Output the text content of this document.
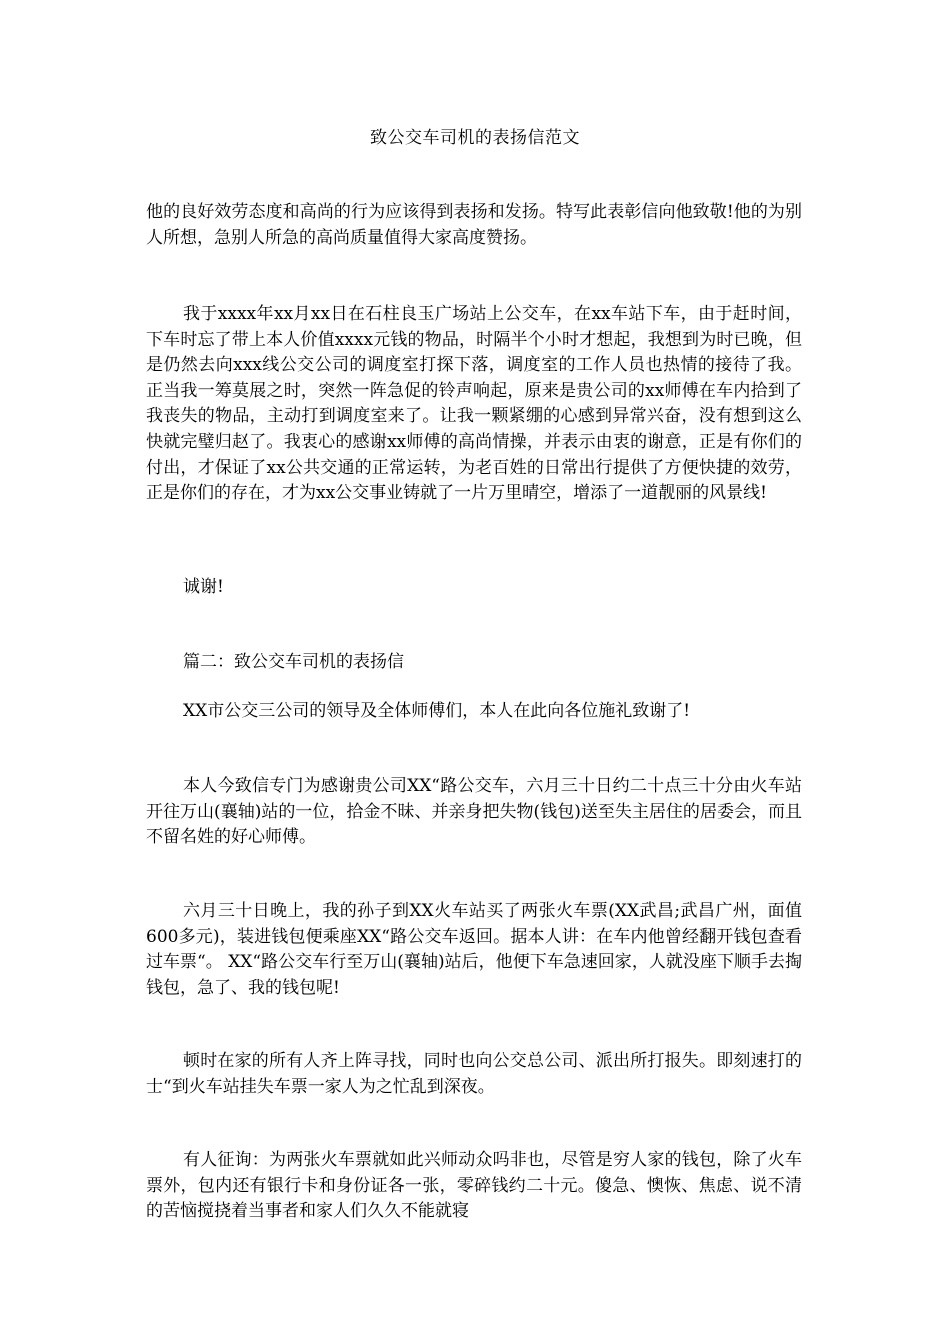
致公交车司机的表扬信范文

他的良好效劳态度和高尚的行为应该得到表扬和发扬。特写此表彰信向他致敬!他的为别人所想，急别人所急的高尚质量值得大家高度赞扬。

我于xxxx年xx月xx日在石柱良玉广场站上公交车，在xx车站下车，由于赶时间，下车时忘了带上本人价值xxxx元钱的物品，时隔半个小时才想起，我想到为时已晚，但是仍然去向xxx线公交公司的调度室打探下落，调度室的工作人员也热情的接待了我。正当我一筹莫展之时，突然一阵急促的铃声响起，原来是贵公司的xx师傅在车内拾到了我丧失的物品，主动打到调度室来了。让我一颗紧绷的心感到异常兴奋，没有想到这么快就完璧归赵了。我衷心的感谢xx师傅的高尚情操，并表示由衷的谢意，正是有你们的付出，才保证了xx公共交通的正常运转，为老百姓的日常出行提供了方便快捷的效劳，正是你们的存在，才为xx公交事业铸就了一片万里晴空，增添了一道靓丽的风景线!

诚谢!

篇二：致公交车司机的表扬信

XX市公交三公司的领导及全体师傅们，本人在此向各位施礼致谢了!

本人今致信专门为感谢贵公司XX“路公交车，六月三十日约二十点三十分由火车站开往万山(襄轴)站的一位，拾金不昧、并亲身把失物(钱包)送至失主居住的居委会，而且不留名姓的好心师傅。

六月三十日晚上，我的孙子到XX火车站买了两张火车票(XX武昌;武昌广州，面值600多元)，装进钱包便乘座XX“路公交车返回。据本人讲：在车内他曾经翻开钱包查看过车票“。 XX“路公交车行至万山(襄轴)站后，他便下车急速回家，人就没座下顺手去掏钱包，急了、我的钱包呢!

顿时在家的所有人齐上阵寻找，同时也向公交总公司、派出所打报失。即刻速打的士“到火车站挂失车票一家人为之忙乱到深夜。

有人征询：为两张火车票就如此兴师动众吗非也，尽管是穷人家的钱包，除了火车票外，包内还有银行卡和身份证各一张，零碎钱约二十元。傻急、懊恢、焦虑、说不清的苦恼搅挠着当事者和家人们久久不能就寝
